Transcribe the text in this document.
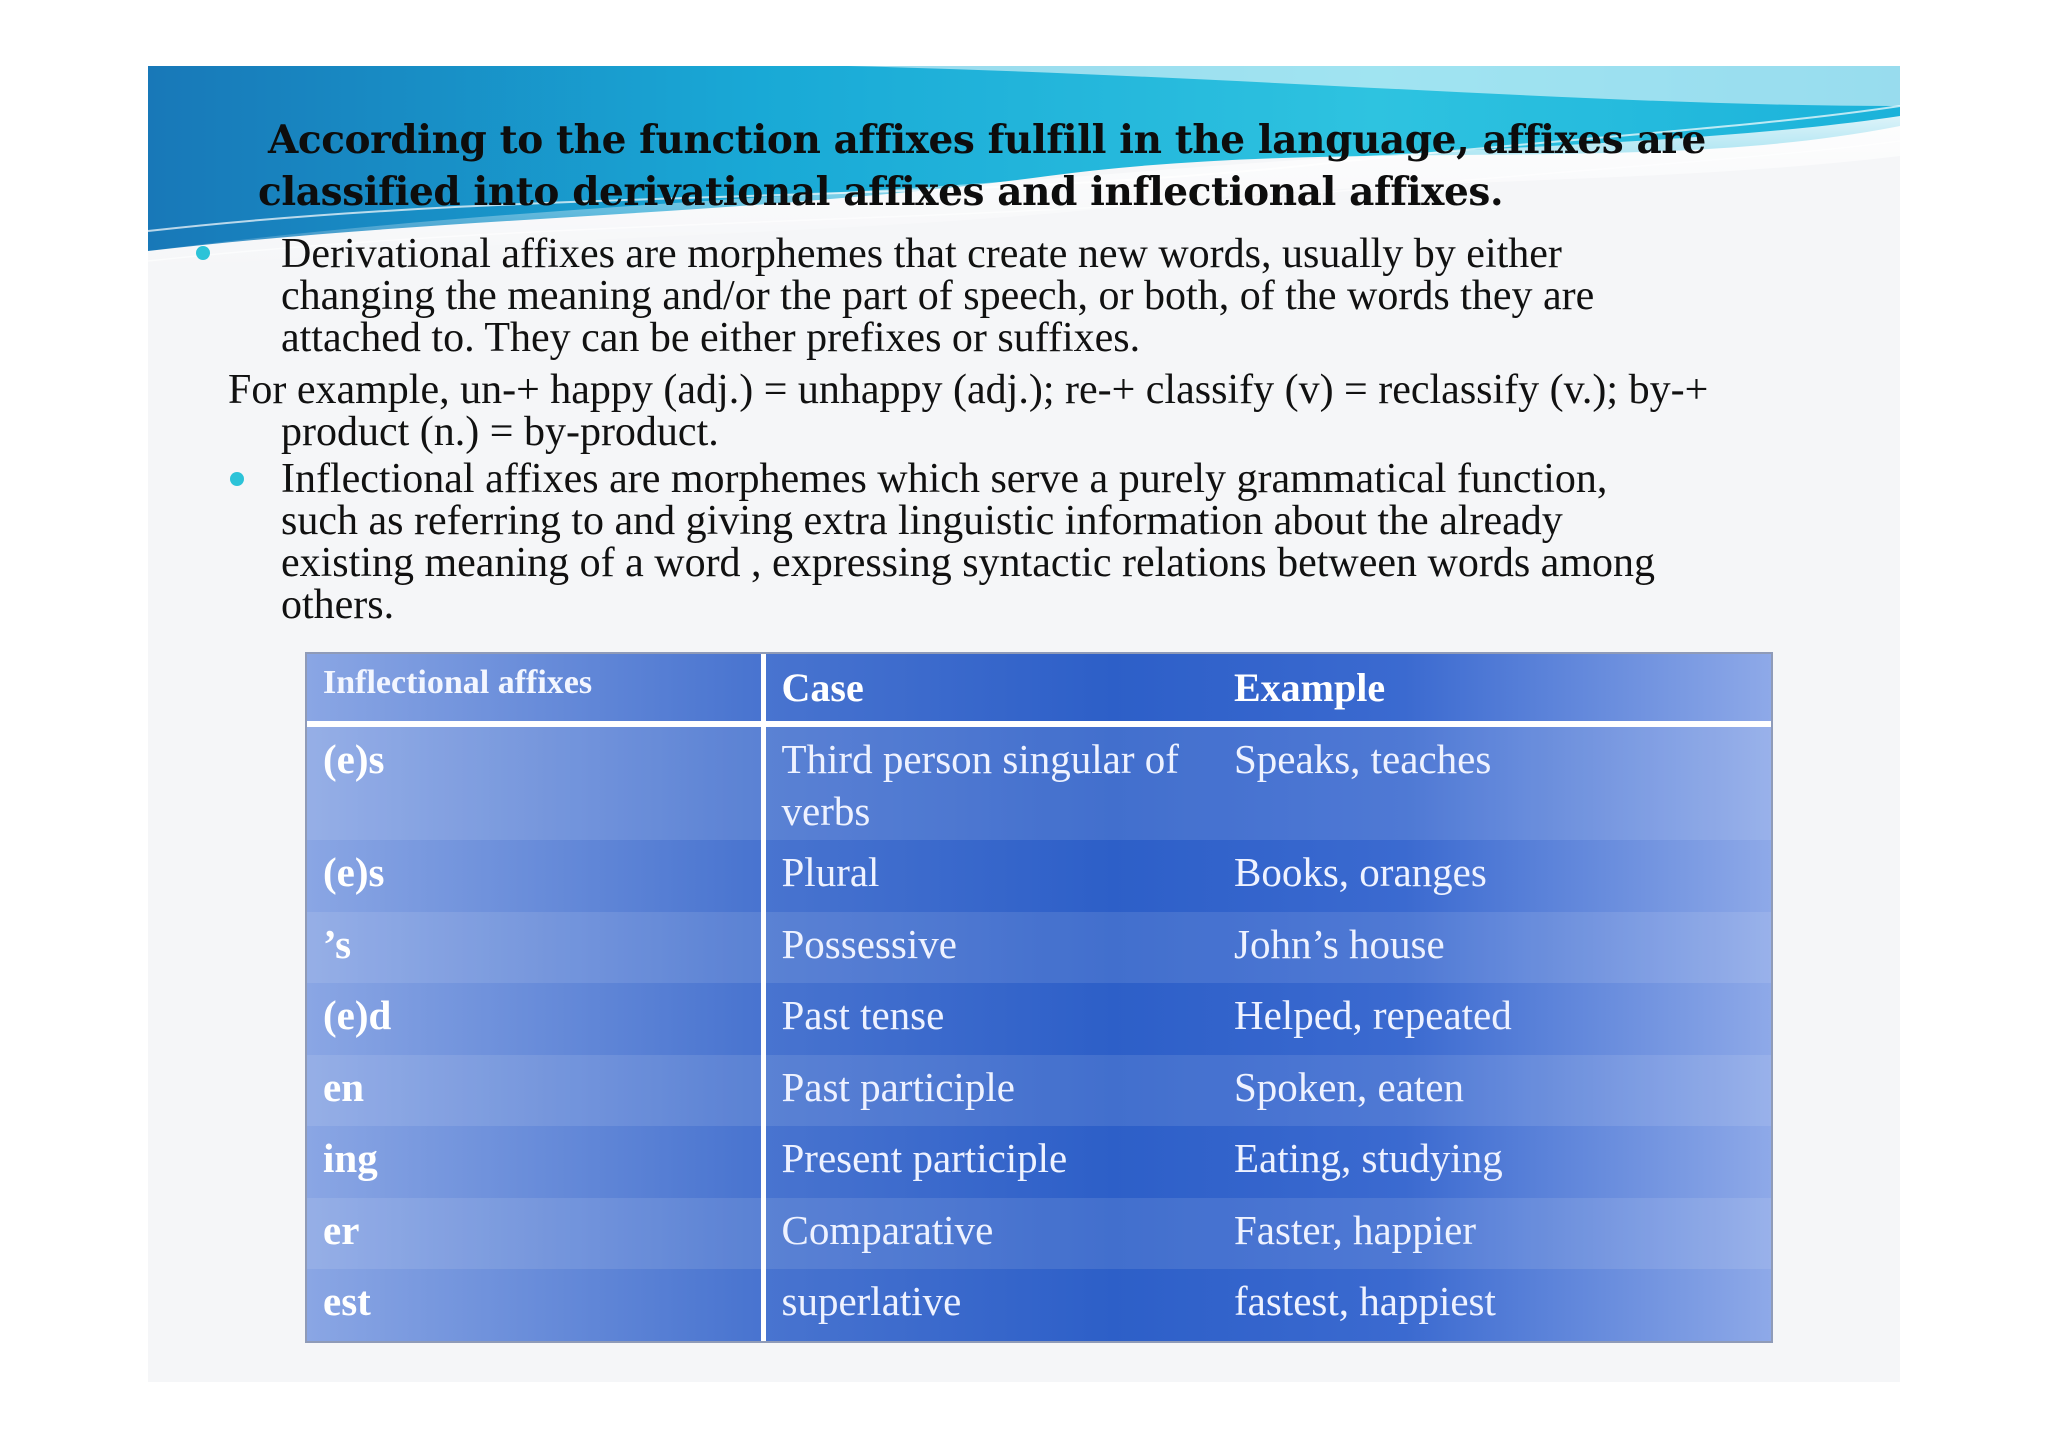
According to the function affixes fulfill in the language, affixes are
classified into derivational affixes and inflectional affixes.
Derivational affixes are morphemes that create new words, usually by either
changing the meaning and/or the part of speech, or both, of the words they are
attached to. They can be either prefixes or suffixes.
For example, un-+ happy (adj.) = unhappy (adj.); re-+ classify (v) = reclassify (v.); by-+
product (n.) = by-product.
Inflectional affixes are morphemes which serve a purely grammatical function,
such as referring to and giving extra linguistic information about the already
existing meaning of a word , expressing syntactic relations between words among
others.
Inflectional affixes	Case	Example
(e)s	Third person singular of verbs	Speaks, teaches
(e)s	Plural	Books, oranges
’s	Possessive	John’s house
(e)d	Past tense	Helped, repeated
en	Past participle	Spoken, eaten
ing	Present participle	Eating, studying
er	Comparative	Faster, happier
est	superlative	fastest, happiest
